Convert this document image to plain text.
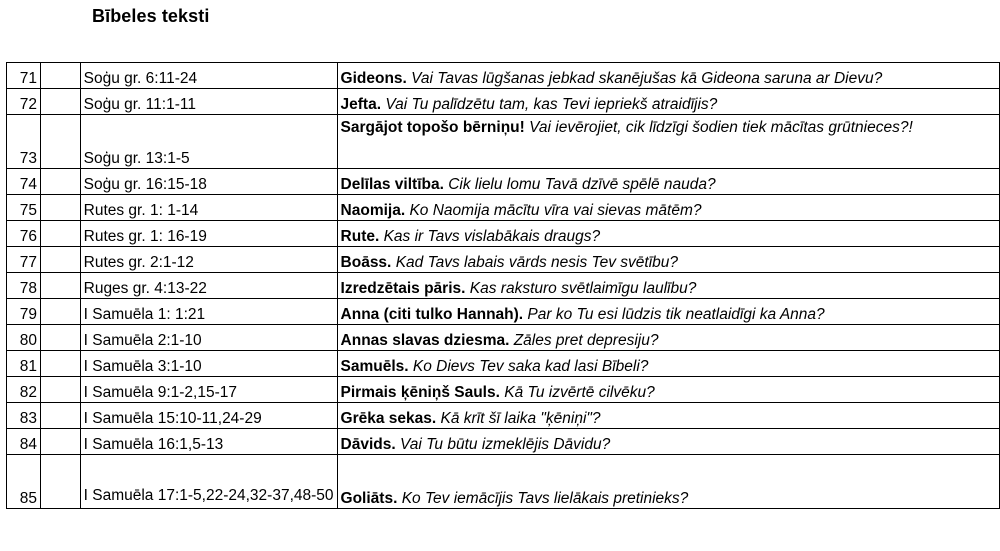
Bībeles teksti
71		Soģu gr. 6:11-24	Gideons. Vai Tavas lūgšanas jebkad skanējušas kā Gideona saruna ar Dievu?
72		Soģu gr. 11:1-11	Jefta. Vai Tu palīdzētu tam, kas Tevi iepriekš atraidījis?
73		Soģu gr. 13:1-5	Sargājot topošo bērniņu! Vai ievērojiet, cik līdzīgi šodien tiek mācītas grūtnieces?!
74		Soģu gr. 16:15-18	Delīlas viltība. Cik lielu lomu Tavā dzīvē spēlē nauda?
75		Rutes gr. 1: 1-14	Naomija. Ko Naomija mācītu vīra vai sievas mātēm?
76		Rutes gr. 1: 16-19	Rute. Kas ir Tavs vislabākais draugs?
77		Rutes gr. 2:1-12	Boāss. Kad Tavs labais vārds nesis Tev svētību?
78		Ruges gr. 4:13-22	Izredzētais pāris. Kas raksturo svētlaimīgu laulību?
79		I Samuēla 1: 1:21	Anna (citi tulko Hannah). Par ko Tu esi lūdzis tik neatlaidīgi ka Anna?
80		I Samuēla 2:1-10	Annas slavas dziesma. Zāles pret depresiju?
81		I Samuēla 3:1-10	Samuēls. Ko Dievs Tev saka kad lasi Bībeli?
82		I Samuēla 9:1-2,15-17	Pirmais ķēniņš Sauls. Kā Tu izvērtē cilvēku?
83		I Samuēla 15:10-11,24-29	Grēka sekas. Kā krīt šī laika "ķēniņi"?
84		I Samuēla 16:1,5-13	Dāvids. Vai Tu būtu izmeklējis Dāvidu?
85		I Samuēla 17:1-5,22-24,32-37,48-50	Goliāts. Ko Tev iemācījis Tavs lielākais pretinieks?
